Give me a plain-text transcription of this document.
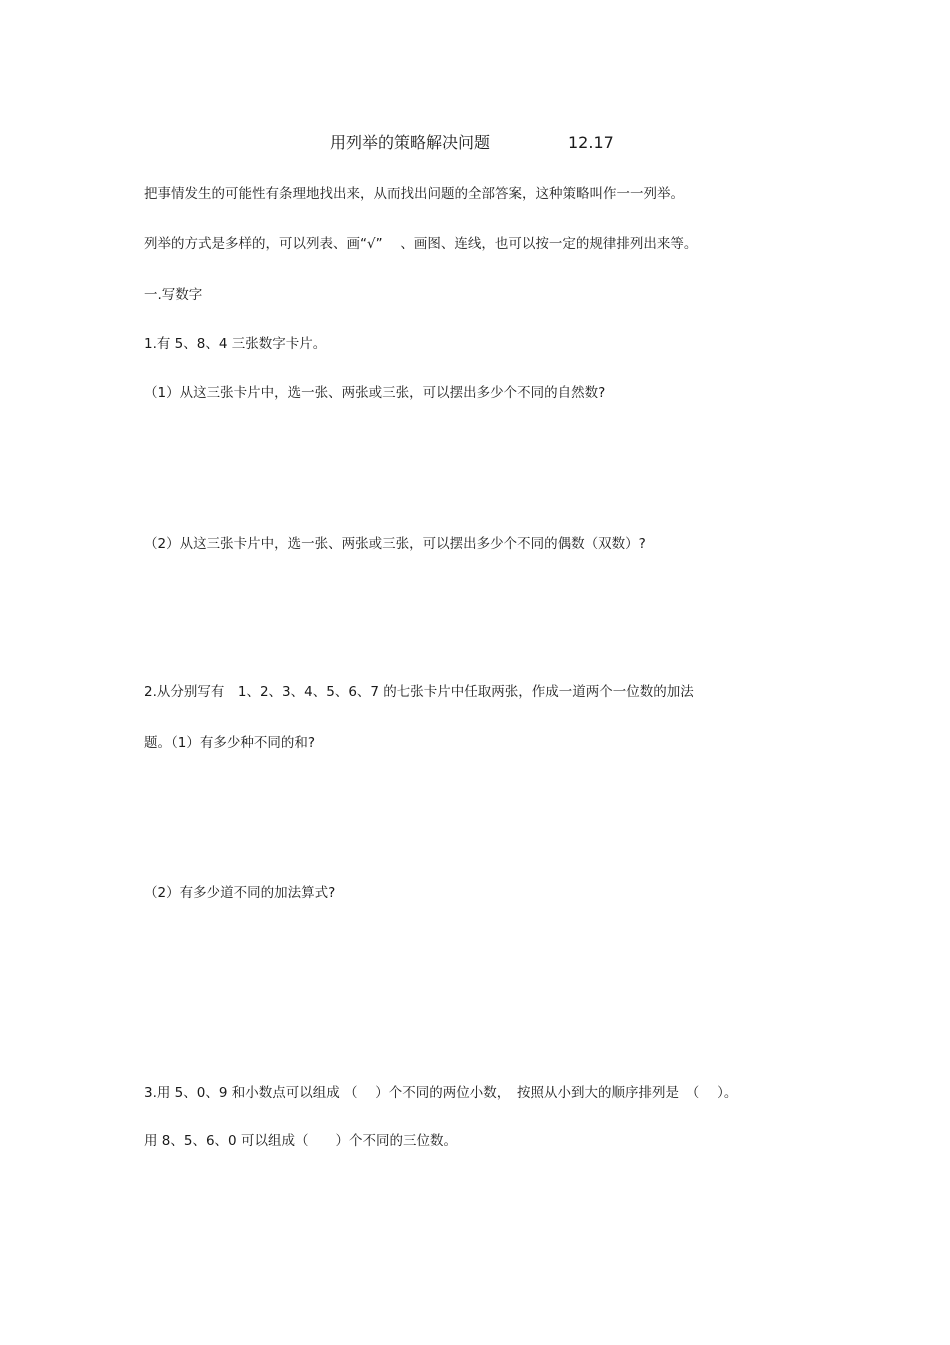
用列举的策略解决问题	12.17
把事情发生的可能性有条理地找出来，从而找出问题的全部答案，这种策略叫作一一列举。
列举的方式是多样的，可以列表、画“√”　 、画图、连线，也可以按一定的规律排列出来等。
一.写数字
1.有 5、8、4 三张数字卡片。
（1）从这三张卡片中，选一张、两张或三张，可以摆出多少个不同的自然数?
（2）从这三张卡片中，选一张、两张或三张，可以摆出多少个不同的偶数（双数）?
2.从分别写有　1、2、3、4、5、6、7 的七张卡片中任取两张，作成一道两个一位数的加法
题。（1）有多少种不同的和?
（2）有多少道不同的加法算式?
3.用 5、0、9 和小数点可以组成 （　 ）个不同的两位小数，　按照从小到大的顺序排列是　（　 ）。
用 8、5、6、0 可以组成（　　）个不同的三位数。
